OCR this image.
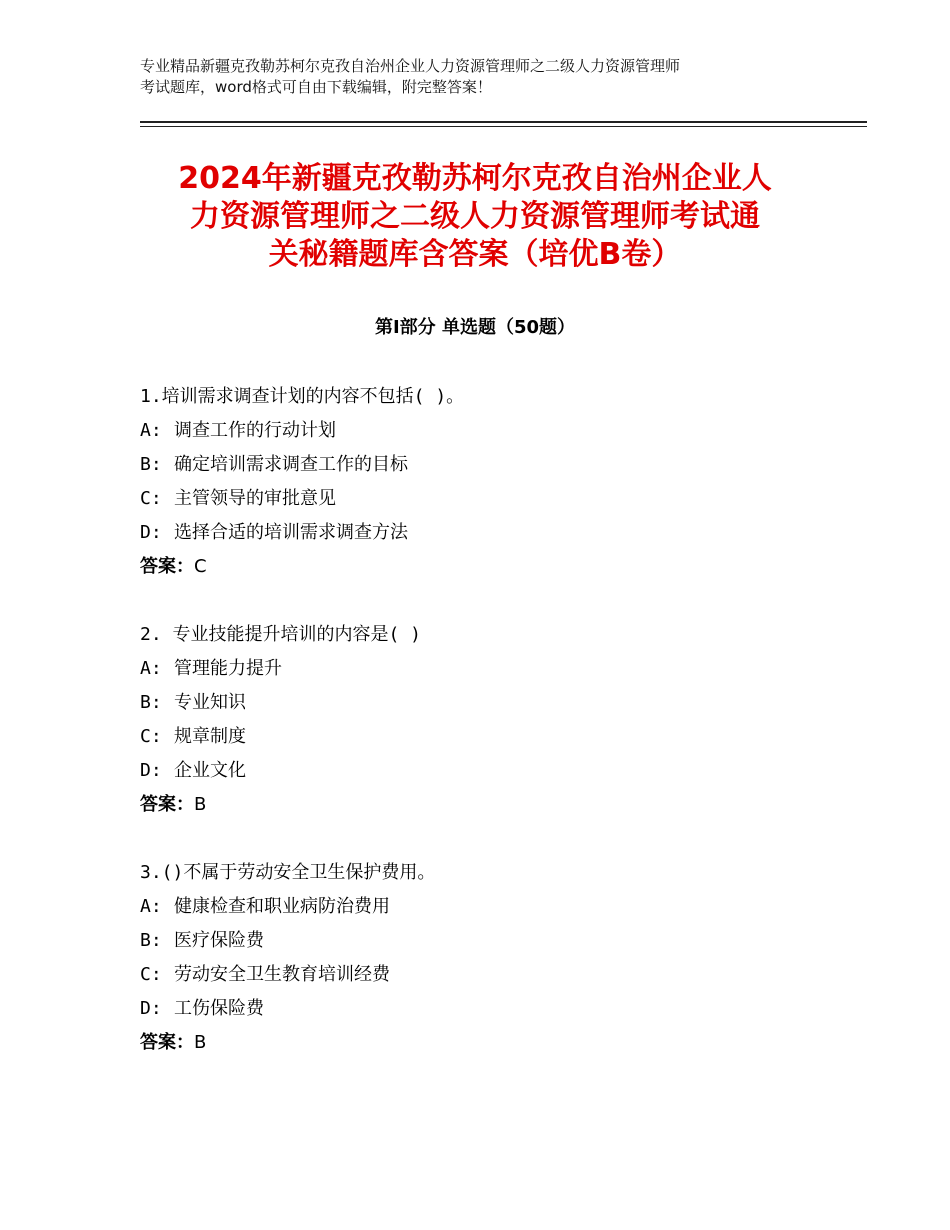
专业精品新疆克孜勒苏柯尔克孜自治州企业人力资源管理师之二级人力资源管理师
考试题库，word格式可自由下载编辑，附完整答案！
2024年新疆克孜勒苏柯尔克孜自治州企业人
力资源管理师之二级人力资源管理师考试通
关秘籍题库含答案（培优B卷）
第Ⅰ部分 单选题（50题）
1.培训需求调查计划的内容不包括( )。
A: 调查工作的行动计划
B: 确定培训需求调查工作的目标
C: 主管领导的审批意见
D: 选择合适的培训需求调查方法
答案：C
2. 专业技能提升培训的内容是( )
A: 管理能力提升
B: 专业知识
C: 规章制度
D: 企业文化
答案：B
3.()不属于劳动安全卫生保护费用。
A: 健康检查和职业病防治费用
B: 医疗保险费
C: 劳动安全卫生教育培训经费
D: 工伤保险费
答案：B
